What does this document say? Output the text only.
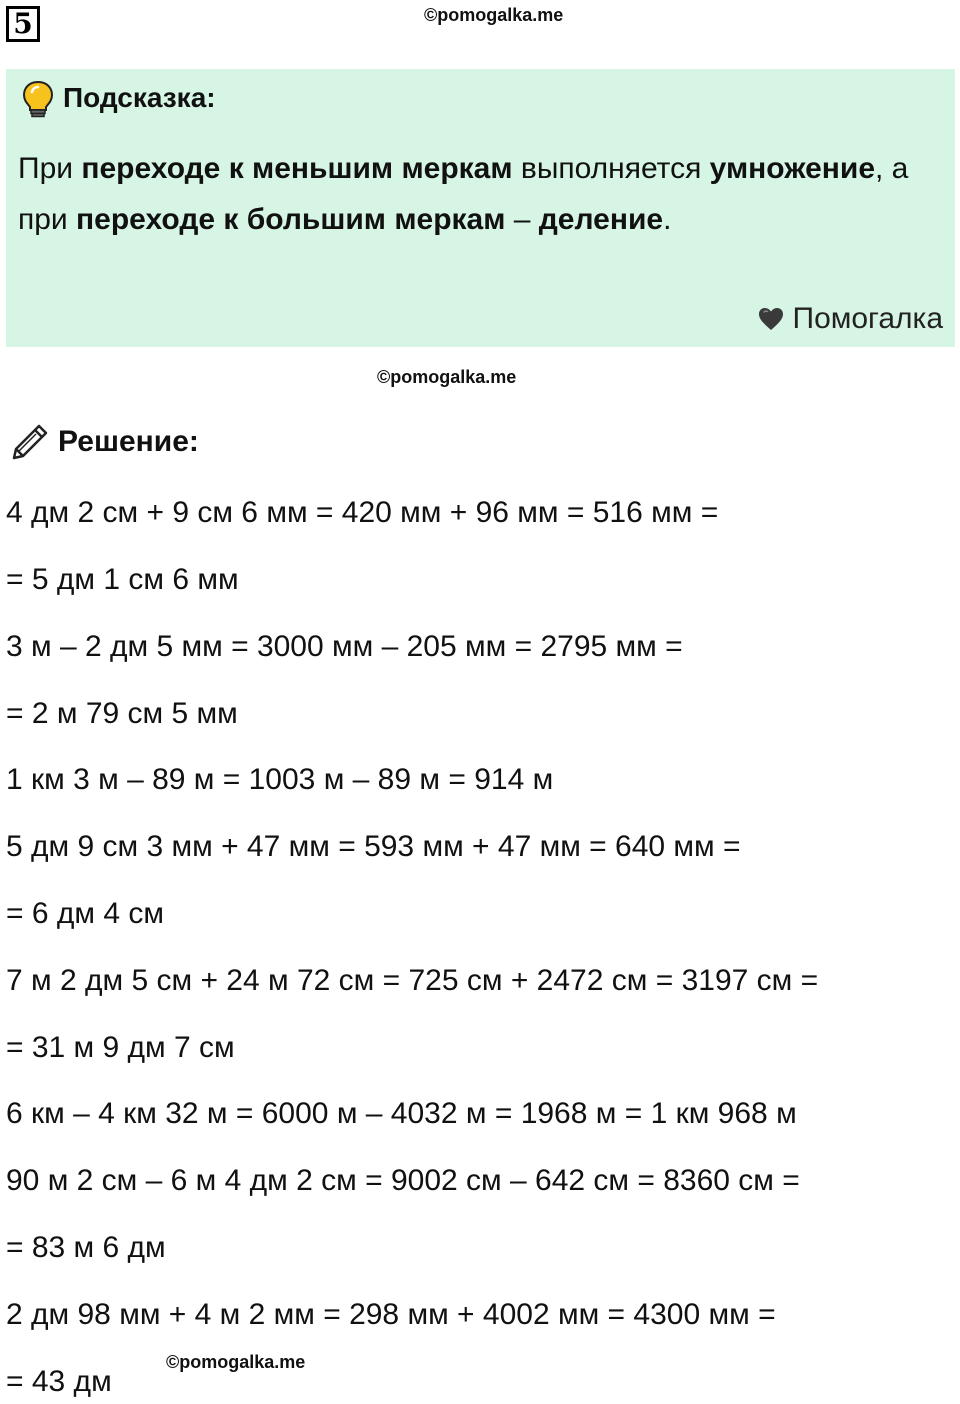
5	©pomogalka.me
Подсказка:
При переходе к меньшим меркам выполняется умножение, а при переходе к большим меркам – деление.
Помогалка
©pomogalka.me
Решение:
4 дм 2 см + 9 см 6 мм = 420 мм + 96 мм = 516 мм =
= 5 дм 1 см 6 мм
3 м – 2 дм 5 мм = 3000 мм – 205 мм = 2795 мм =
= 2 м 79 см 5 мм
1 км 3 м – 89 м = 1003 м – 89 м = 914 м
5 дм 9 см 3 мм + 47 мм = 593 мм + 47 мм = 640 мм =
= 6 дм 4 см
7 м 2 дм 5 см + 24 м 72 см = 725 см + 2472 см = 3197 см =
= 31 м 9 дм 7 см
6 км – 4 км 32 м = 6000 м – 4032 м = 1968 м = 1 км 968 м
90 м 2 см – 6 м 4 дм 2 см = 9002 см – 642 см = 8360 см =
= 83 м 6 дм
2 дм 98 мм + 4 м 2 мм = 298 мм + 4002 мм = 4300 мм =
= 43 дм
©pomogalka.me
